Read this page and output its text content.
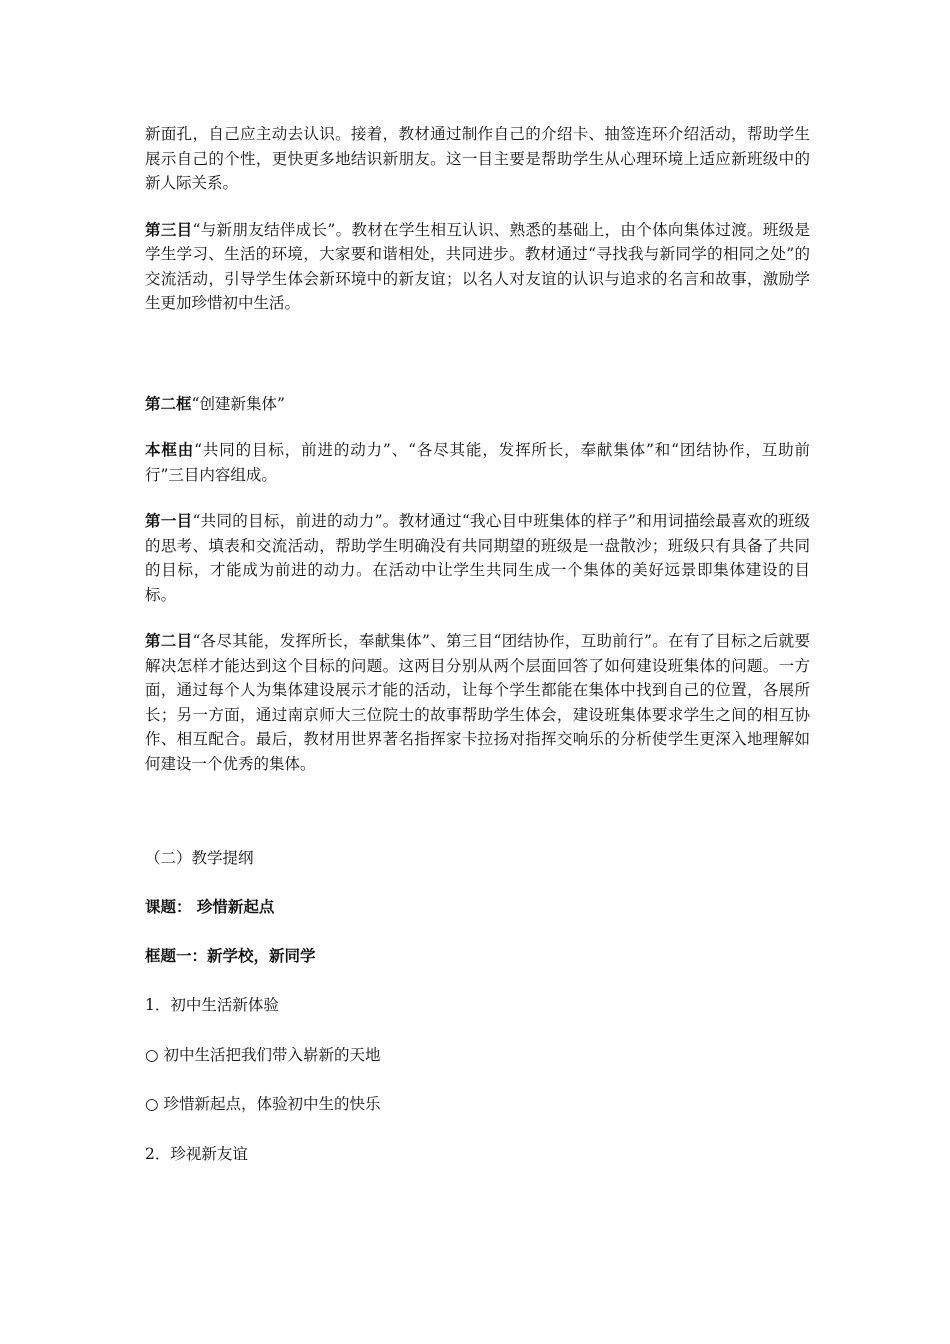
新面孔，自己应主动去认识。接着，教材通过制作自己的介绍卡、抽签连环介绍活动，帮助学生展示自己的个性，更快更多地结识新朋友。这一目主要是帮助学生从心理环境上适应新班级中的新人际关系。

第三目“与新朋友结伴成长”。教材在学生相互认识、熟悉的基础上，由个体向集体过渡。班级是学生学习、生活的环境，大家要和谐相处，共同进步。教材通过“寻找我与新同学的相同之处”的交流活动，引导学生体会新环境中的新友谊；以名人对友谊的认识与追求的名言和故事，激励学生更加珍惜初中生活。

第二框“创建新集体”

本框由“共同的目标，前进的动力”、“各尽其能，发挥所长，奉献集体”和“团结协作，互助前行”三目内容组成。

第一目“共同的目标，前进的动力”。教材通过“我心目中班集体的样子”和用词描绘最喜欢的班级的思考、填表和交流活动，帮助学生明确没有共同期望的班级是一盘散沙；班级只有具备了共同的目标，才能成为前进的动力。在活动中让学生共同生成一个集体的美好远景即集体建设的目标。

第二目“各尽其能，发挥所长，奉献集体”、第三目“团结协作，互助前行”。在有了目标之后就要解决怎样才能达到这个目标的问题。这两目分别从两个层面回答了如何建设班集体的问题。一方面，通过每个人为集体建设展示才能的活动，让每个学生都能在集体中找到自己的位置，各展所长；另一方面，通过南京师大三位院士的故事帮助学生体会，建设班集体要求学生之间的相互协作、相互配合。最后，教材用世界著名指挥家卡拉扬对指挥交响乐的分析使学生更深入地理解如何建设一个优秀的集体。

（二）教学提纲
课题： 珍惜新起点
框题一：新学校，新同学

1．初中生活新体验

○ 初中生活把我们带入崭新的天地

○ 珍惜新起点，体验初中生的快乐

2．珍视新友谊
